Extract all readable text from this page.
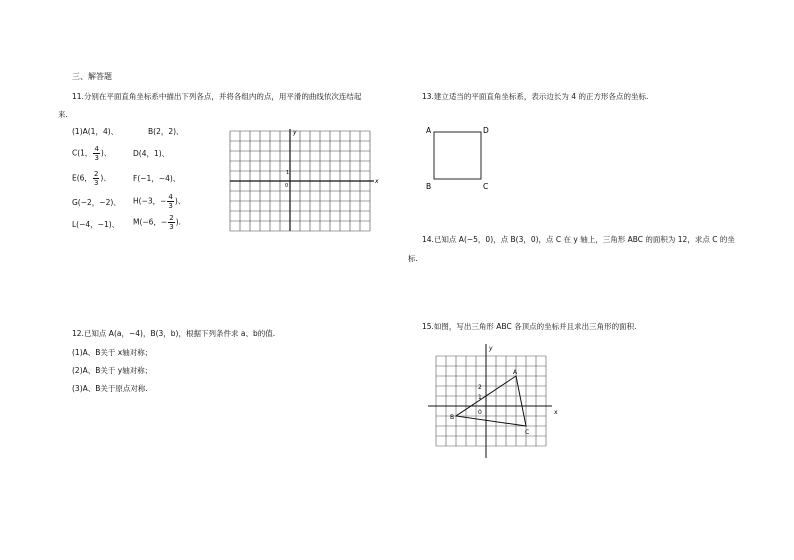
三、解答题
11.分别在平面直角坐标系中描出下列各点，并将各组内的点，用平滑的曲线依次连结起
来.
(1)A(1，4)、	B(2，2)、
C(1， $\frac{4}{3}$ )、	D(4，1)、
E(6， $\frac{2}{3}$ )、	F(−1，−4)、
G(−2，−2)、 H(−3，− $\frac{4}{3}$ )、
L(−4，−1)、 M(−6，− $\frac{2}{3}$ ).
y
x
1
0
12.已知点 A(a，−4)，B(3，b)，根据下列条件求 a、b的值.
(1)A、B关于 x轴对称；
(2)A、B关于 y轴对称；
(3)A、B关于原点对称.
13.建立适当的平面直角坐标系，表示边长为 4 的正方形各点的坐标.
A	D
B	C
14.已知点 A(−5，0)，点 B(3，0)，点 C 在 y 轴上，三角形 ABC 的面积为 12，求点 C 的坐
标.
15.如图，写出三角形 ABC 各顶点的坐标并且求出三角形的面积.
y
x
2
1
0
A
B
C
